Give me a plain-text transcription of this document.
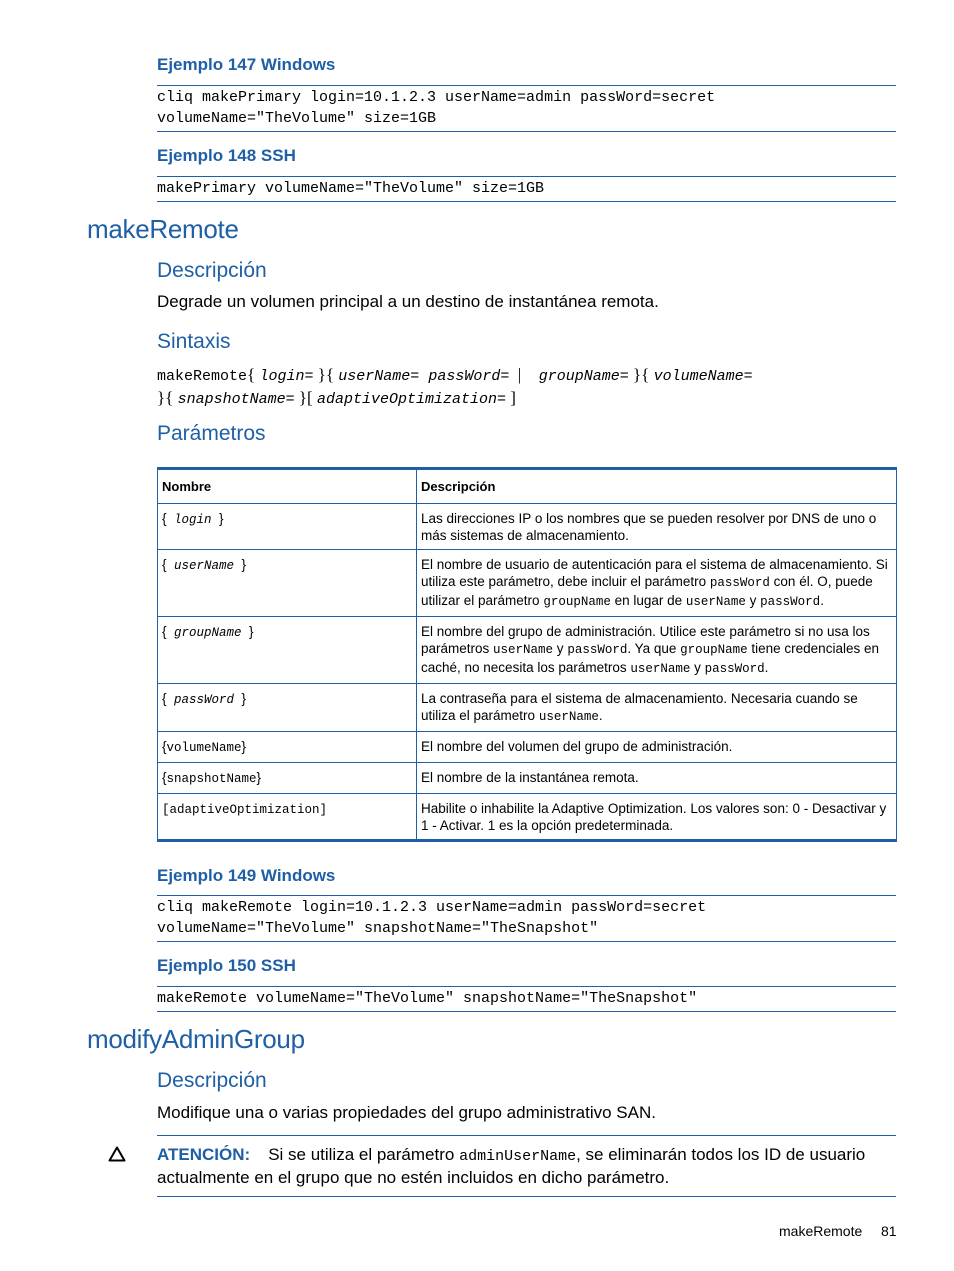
Ejemplo 147 Windows
cliq makePrimary login=10.1.2.3 userName=admin passWord=secret
volumeName="TheVolume" size=1GB
Ejemplo 148 SSH
makePrimary volumeName="TheVolume" size=1GB
makeRemote
Descripción
Degrade un volumen principal a un destino de instantánea remota.
Sintaxis
makeRemote{ login= }{ userName= passWord=  |   groupName= }{ volumeName=
}{ snapshotName= }[ adaptiveOptimization= ]
Parámetros
Nombre	Descripción
{  login  }	Las direcciones IP o los nombres que se pueden resolver por DNS de uno o más sistemas de almacenamiento.
{  userName  }	El nombre de usuario de autenticación para el sistema de almacenamiento. Si utiliza este parámetro, debe incluir el parámetro passWord con él. O, puede utilizar el parámetro groupName en lugar de userName y passWord.
{  groupName  }	El nombre del grupo de administración. Utilice este parámetro si no usa los parámetros userName y passWord. Ya que groupName tiene credenciales en caché, no necesita los parámetros userName y passWord.
{  passWord  }	La contraseña para el sistema de almacenamiento. Necesaria cuando se utiliza el parámetro userName.
{volumeName}	El nombre del volumen del grupo de administración.
{snapshotName}	El nombre de la instantánea remota.
[adaptiveOptimization]	Habilite o inhabilite la Adaptive Optimization. Los valores son: 0 - Desactivar y 1 - Activar. 1 es la opción predeterminada.
Ejemplo 149 Windows
cliq makeRemote login=10.1.2.3 userName=admin passWord=secret
volumeName="TheVolume" snapshotName="TheSnapshot"
Ejemplo 150 SSH
makeRemote volumeName="TheVolume" snapshotName="TheSnapshot"
modifyAdminGroup
Descripción
Modifique una o varias propiedades del grupo administrativo SAN.
ATENCIÓN: Si se utiliza el parámetro adminUserName, se eliminarán todos los ID de usuario actualmente en el grupo que no estén incluidos en dicho parámetro.
makeRemote 81
